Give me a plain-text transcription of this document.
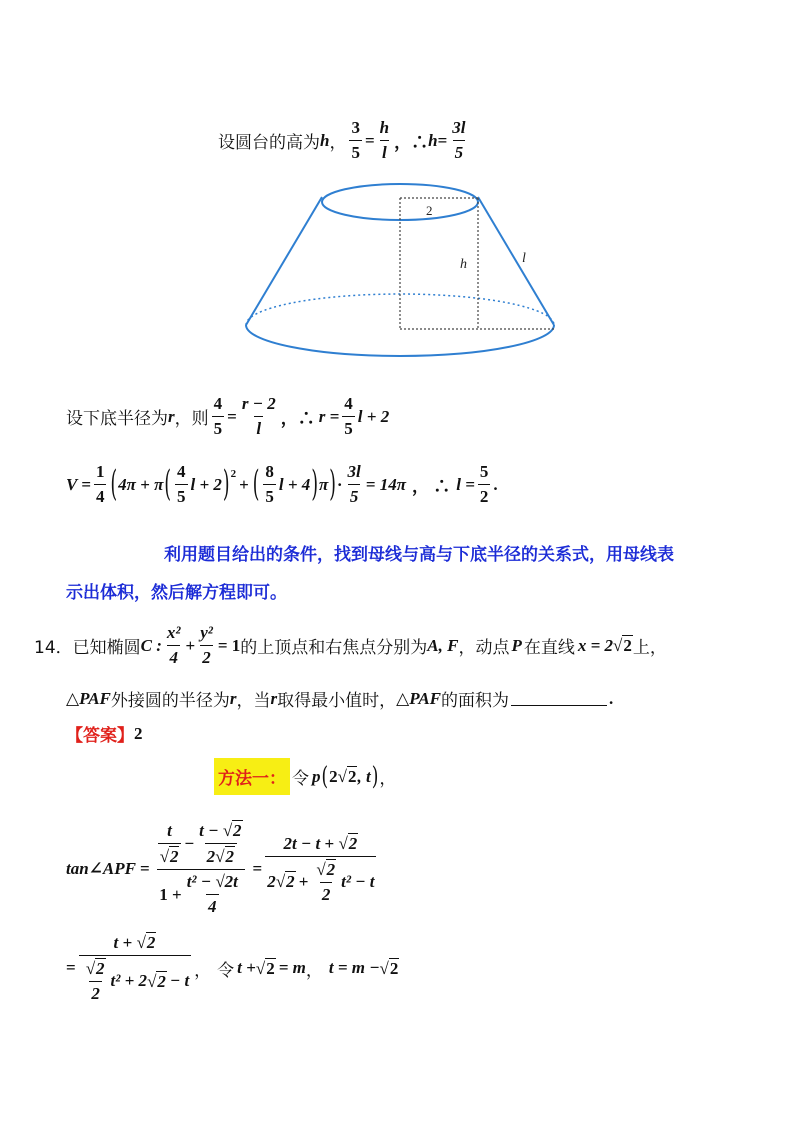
设圆台的高为 h ， $\frac{3}{5} = \frac{h}{l}$ ，∴ $h = \frac{3l}{5}$
2
h	l
设下底半径为 r ，则 $\frac{4}{5} = \frac{r - 2}{l}$ ，∴ $r = \frac{4}{5}$ l + 2
$V = \frac{1}{4}$ ( 4π + π ( $\frac{4}{5}$ l + 2 )$^2$
+ ( $\frac{8}{5}$ l + 4 ) π ) · $\frac{3l}{5} = 14\pi$ ， ∴ $l = \frac{5}{2}$ .
利用题目给出的条件，找到母线与高与下底半径的关系式，用母线表
示出体积，然后解方程即可。
14． 已知椭圆 C : $\frac{\text{x²}}{4} + \frac{\text{y²}}{2} = 1$ 的上顶点和右焦点分别为 A, F ，动点 P 在直线 x = 2 √ 2 上，
△PAF 外接圆的半径为 r ，当 r 取得最小值时， △PAF 的面积为	.
【答案】 2
方法一： 令 p ( 2 √ 2 , t ) ，
tan∠APF = $\frac{\frac{t}{√ 2} - \frac{t - √ 2}{2√ 2}}{1 + \frac{\text{t² − √2t}}{4}} = \frac{2t - t + √ 2}{2 √ 2 + \frac{√ 2}{2} t^2 - t}$
= $\frac{t + √ 2}{\frac{√ 2}{2} t^2 + 2 √ 2 - t}$ ， 令 t + √ 2 = m ， t = m − √ 2
